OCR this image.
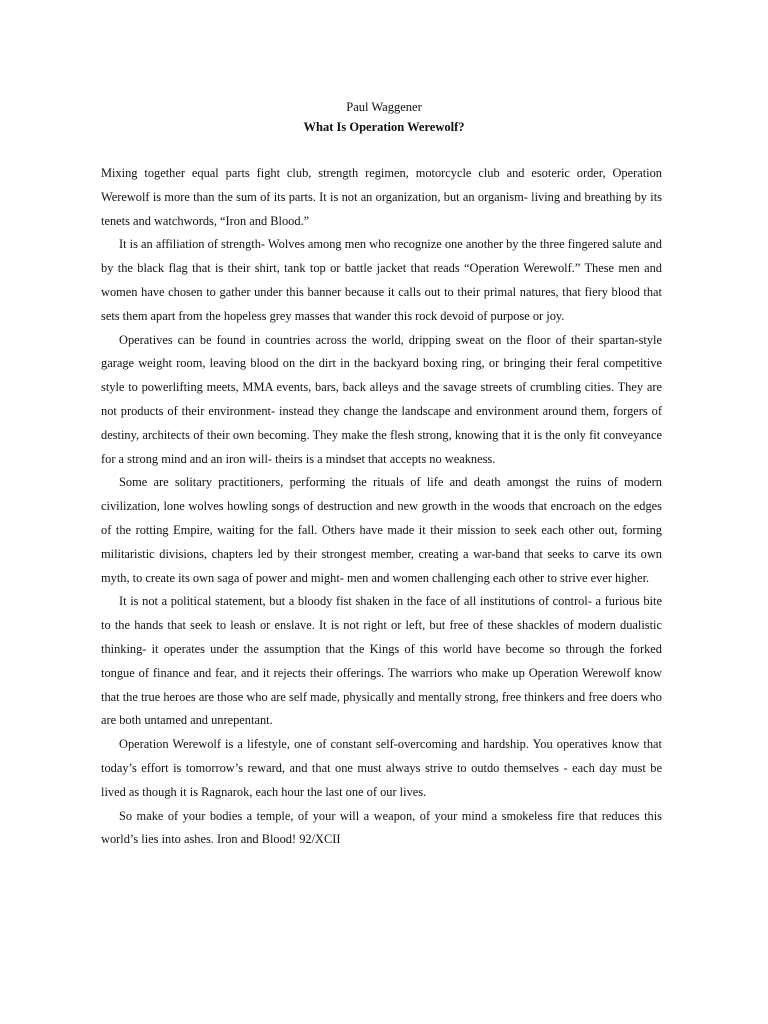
Paul Waggener
What Is Operation Werewolf?

Mixing together equal parts fight club, strength regimen, motorcycle club and esoteric order, Operation Werewolf is more than the sum of its parts. It is not an organization, but an organism- living and breathing by its tenets and watchwords, “Iron and Blood.”

It is an affiliation of strength- Wolves among men who recognize one another by the three fingered salute and by the black flag that is their shirt, tank top or battle jacket that reads “Operation Werewolf.” These men and women have chosen to gather under this banner because it calls out to their primal natures, that fiery blood that sets them apart from the hopeless grey masses that wander this rock devoid of purpose or joy.

Operatives can be found in countries across the world, dripping sweat on the floor of their spartan-style garage weight room, leaving blood on the dirt in the backyard boxing ring, or bringing their feral competitive style to powerlifting meets, MMA events, bars, back alleys and the savage streets of crumbling cities. They are not products of their environment- instead they change the landscape and environment around them, forgers of destiny, architects of their own becoming. They make the flesh strong, knowing that it is the only fit conveyance for a strong mind and an iron will- theirs is a mindset that accepts no weakness.

Some are solitary practitioners, performing the rituals of life and death amongst the ruins of modern civilization, lone wolves howling songs of destruction and new growth in the woods that encroach on the edges of the rotting Empire, waiting for the fall. Others have made it their mission to seek each other out, forming militaristic divisions, chapters led by their strongest member, creating a war-band that seeks to carve its own myth, to create its own saga of power and might- men and women challenging each other to strive ever higher.

It is not a political statement, but a bloody fist shaken in the face of all institutions of control- a furious bite to the hands that seek to leash or enslave. It is not right or left, but free of these shackles of modern dualistic thinking- it operates under the assumption that the Kings of this world have become so through the forked tongue of finance and fear, and it rejects their offerings. The warriors who make up Operation Werewolf know that the true heroes are those who are self made, physically and mentally strong, free thinkers and free doers who are both untamed and unrepentant.

Operation Werewolf is a lifestyle, one of constant self-overcoming and hardship. You operatives know that today’s effort is tomorrow’s reward, and that one must always strive to outdo themselves - each day must be lived as though it is Ragnarok, each hour the last one of our lives.

So make of your bodies a temple, of your will a weapon, of your mind a smokeless fire that reduces this world’s lies into ashes. Iron and Blood! 92/XCII
